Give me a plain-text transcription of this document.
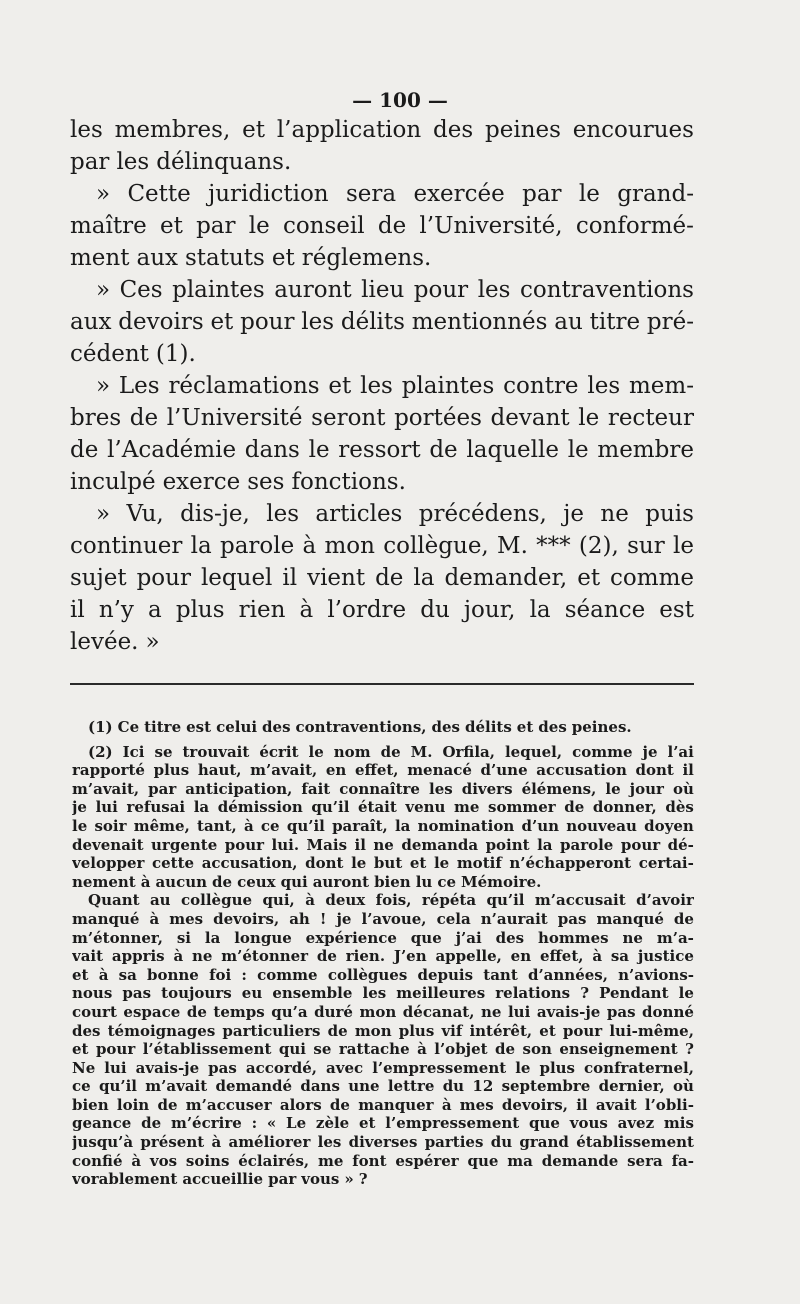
— 100 —
les membres, et l’application des peines encourues
par les délinquans.
» Cette juridiction sera exercée par le grand-
maître et par le conseil de l’Université, conformé-
ment aux statuts et réglemens.
» Ces plaintes auront lieu pour les contraventions
aux devoirs et pour les délits mentionnés au titre pré-
cédent (1).
» Les réclamations et les plaintes contre les mem-
bres de l’Université seront portées devant le recteur
de l’Académie dans le ressort de laquelle le membre
inculpé exerce ses fonctions.
» Vu, dis-je, les articles précédens, je ne puis
continuer la parole à mon collègue, M. *** (2), sur le
sujet pour lequel il vient de la demander, et comme
il n’y a plus rien à l’ordre du jour, la séance est
levée. »
(1) Ce titre est celui des contraventions, des délits et des peines.
(2) Ici se trouvait écrit le nom de M. Orfila, lequel, comme je l’ai
rapporté plus haut, m’avait, en effet, menacé d’une accusation dont il
m’avait, par anticipation, fait connaître les divers élémens, le jour où
je lui refusai la démission qu’il était venu me sommer de donner, dès
le soir même, tant, à ce qu’il paraît, la nomination d’un nouveau doyen
devenait urgente pour lui. Mais il ne demanda point la parole pour dé-
velopper cette accusation, dont le but et le motif n’échapperont certai-
nement à aucun de ceux qui auront bien lu ce Mémoire.
Quant au collègue qui, à deux fois, répéta qu’il m’accusait d’avoir
manqué à mes devoirs, ah ! je l’avoue, cela n’aurait pas manqué de
m’étonner, si la longue expérience que j’ai des hommes ne m’a-
vait appris à ne m’étonner de rien. J’en appelle, en effet, à sa justice
et à sa bonne foi : comme collègues depuis tant d’années, n’avions-
nous pas toujours eu ensemble les meilleures relations ? Pendant le
court espace de temps qu’a duré mon décanat, ne lui avais-je pas donné
des témoignages particuliers de mon plus vif intérêt, et pour lui-même,
et pour l’établissement qui se rattache à l’objet de son enseignement ?
Ne lui avais-je pas accordé, avec l’empressement le plus confraternel,
ce qu’il m’avait demandé dans une lettre du 12 septembre dernier, où
bien loin de m’accuser alors de manquer à mes devoirs, il avait l’obli-
geance de m’écrire : « Le zèle et l’empressement que vous avez mis
jusqu’à présent à améliorer les diverses parties du grand établissement
confié à vos soins éclairés, me font espérer que ma demande sera fa-
vorablement accueillie par vous » ?
